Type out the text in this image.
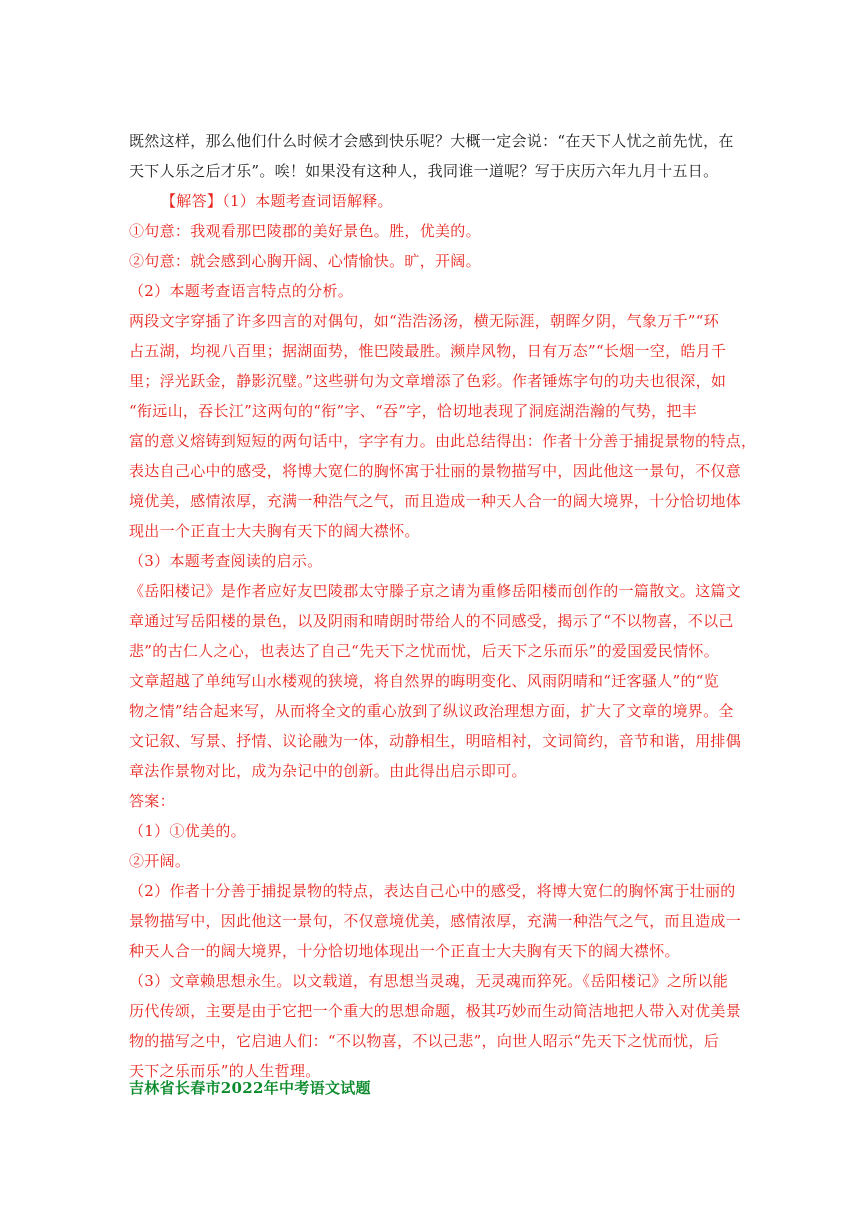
既然这样，那么他们什么时候才会感到快乐呢？大概一定会说：“在天下人忧之前先忧，在
天下人乐之后才乐”。唉！如果没有这种人，我同谁一道呢？写于庆历六年九月十五日。
【解答】（1）本题考查词语解释。
①句意：我观看那巴陵郡的美好景色。胜，优美的。
②句意：就会感到心胸开阔、心情愉快。旷，开阔。
（2）本题考查语言特点的分析。
两段文字穿插了许多四言的对偶句，如“浩浩汤汤，横无际涯，朝晖夕阴，气象万千”“环
占五湖，均视八百里；据湖面势，惟巴陵最胜。濒岸风物，日有万态”“长烟一空，皓月千
里；浮光跃金，静影沉璧。”这些骈句为文章增添了色彩。作者锤炼字句的功夫也很深，如
“衔远山，吞长江”这两句的“衔”字、“吞”字，恰切地表现了洞庭湖浩瀚的气势，把丰
富的意义熔铸到短短的两句话中，字字有力。由此总结得出：作者十分善于捕捉景物的特点，
表达自己心中的感受，将博大宽仁的胸怀寓于壮丽的景物描写中，因此他这一景句，不仅意
境优美，感情浓厚，充满一种浩气之气，而且造成一种天人合一的阔大境界，十分恰切地体
现出一个正直士大夫胸有天下的阔大襟怀。
（3）本题考查阅读的启示。
《岳阳楼记》是作者应好友巴陵郡太守滕子京之请为重修岳阳楼而创作的一篇散文。这篇文
章通过写岳阳楼的景色，以及阴雨和晴朗时带给人的不同感受，揭示了“不以物喜，不以己
悲”的古仁人之心，也表达了自己“先天下之忧而忧，后天下之乐而乐”的爱国爱民情怀。
文章超越了单纯写山水楼观的狭境，将自然界的晦明变化、风雨阴晴和“迁客骚人”的“览
物之情”结合起来写，从而将全文的重心放到了纵议政治理想方面，扩大了文章的境界。全
文记叙、写景、抒情、议论融为一体，动静相生，明暗相衬，文词简约，音节和谐，用排偶
章法作景物对比，成为杂记中的创新。由此得出启示即可。
答案：
（1）①优美的。
②开阔。
（2）作者十分善于捕捉景物的特点，表达自己心中的感受，将博大宽仁的胸怀寓于壮丽的
景物描写中，因此他这一景句，不仅意境优美，感情浓厚，充满一种浩气之气，而且造成一
种天人合一的阔大境界，十分恰切地体现出一个正直士大夫胸有天下的阔大襟怀。
（3）文章赖思想永生。以文载道，有思想当灵魂，无灵魂而猝死。《岳阳楼记》之所以能
历代传颂，主要是由于它把一个重大的思想命题，极其巧妙而生动简洁地把人带入对优美景
物的描写之中，它启迪人们：“不以物喜，不以己悲”，向世人昭示“先天下之忧而忧，后
天下之乐而乐”的人生哲理。
吉林省长春市2022年中考语文试题
